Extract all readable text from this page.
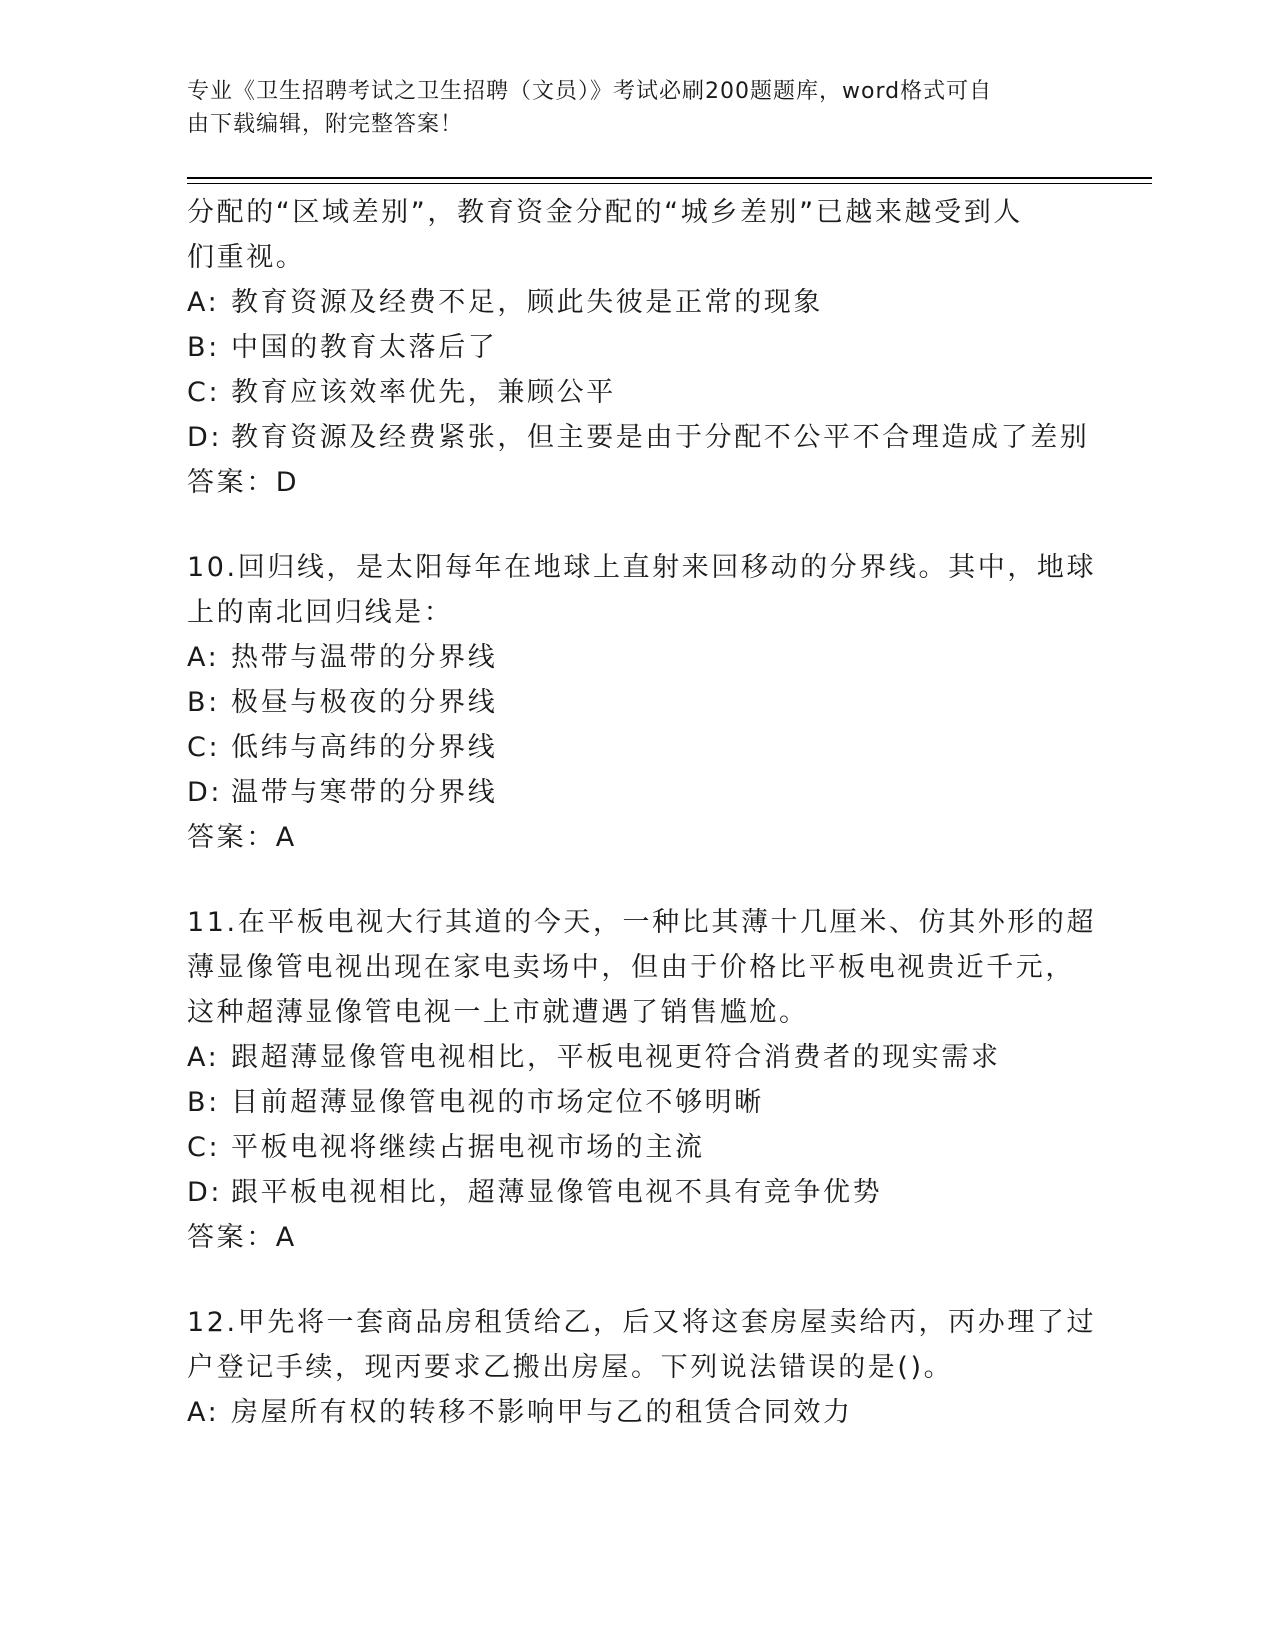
专业《卫生招聘考试之卫生招聘（文员）》考试必刷200题题库，word格式可自
由下载编辑，附完整答案！
分配的“区域差别”，教育资金分配的“城乡差别”已越来越受到人
们重视。
A: 教育资源及经费不足，顾此失彼是正常的现象
B: 中国的教育太落后了
C: 教育应该效率优先，兼顾公平
D: 教育资源及经费紧张，但主要是由于分配不公平不合理造成了差别
答案：D
10.回归线，是太阳每年在地球上直射来回移动的分界线。其中，地球
上的南北回归线是：
A: 热带与温带的分界线
B: 极昼与极夜的分界线
C: 低纬与高纬的分界线
D: 温带与寒带的分界线
答案：A
11.在平板电视大行其道的今天，一种比其薄十几厘米、仿其外形的超
薄显像管电视出现在家电卖场中，但由于价格比平板电视贵近千元，
这种超薄显像管电视一上市就遭遇了销售尴尬。
A: 跟超薄显像管电视相比，平板电视更符合消费者的现实需求
B: 目前超薄显像管电视的市场定位不够明晰
C: 平板电视将继续占据电视市场的主流
D: 跟平板电视相比，超薄显像管电视不具有竞争优势
答案：A
12.甲先将一套商品房租赁给乙，后又将这套房屋卖给丙，丙办理了过
户登记手续，现丙要求乙搬出房屋。下列说法错误的是()。
A: 房屋所有权的转移不影响甲与乙的租赁合同效力
